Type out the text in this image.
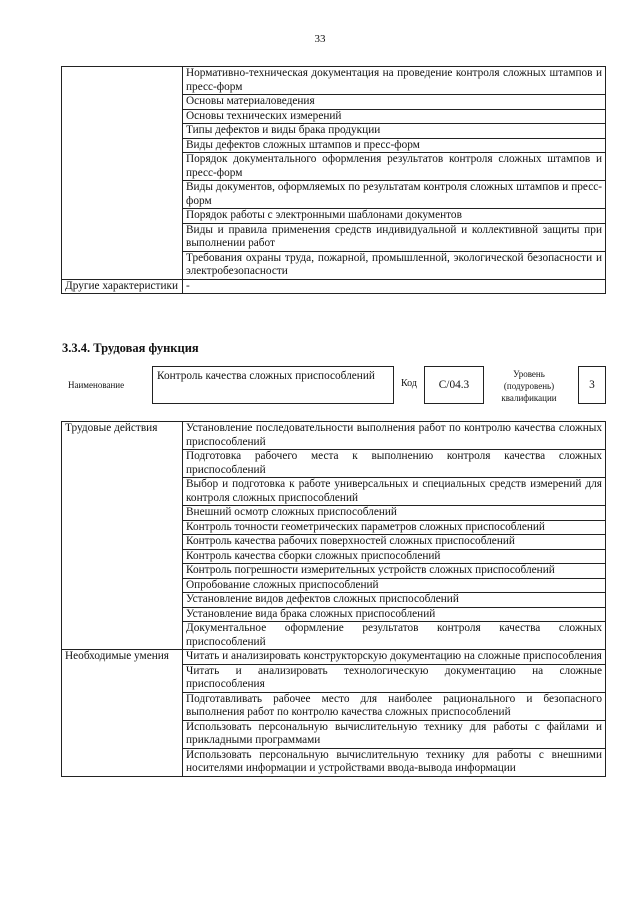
33
	Нормативно-техническая документация на проведение контроля сложных штампов и пресс-форм
	Основы материаловедения
	Основы технических измерений
	Типы дефектов и виды брака продукции
	Виды дефектов сложных штампов и пресс-форм
	Порядок документального оформления результатов контроля сложных штампов и пресс-форм
	Виды документов, оформляемых по результатам контроля сложных штампов и пресс-форм
	Порядок работы с электронными шаблонами документов
	Виды и правила применения средств индивидуальной и коллективной защиты при выполнении работ
	Требования охраны труда, пожарной, промышленной, экологической безопасности и электробезопасности
Другие характеристики	-
3.3.4. Трудовая функция
Наименование
Контроль качества сложных приспособлений
Код	C/04.3
Уровень
(подуровень)
квалификации
3
Трудовые действия	Установление последовательности выполнения работ по контролю качества сложных приспособлений
	Подготовка рабочего места к выполнению контроля качества сложных приспособлений
	Выбор и подготовка к работе универсальных и специальных средств измерений для контроля сложных приспособлений
	Внешний осмотр сложных приспособлений
	Контроль точности геометрических параметров сложных приспособлений
	Контроль качества рабочих поверхностей сложных приспособлений
	Контроль качества сборки сложных приспособлений
	Контроль погрешности измерительных устройств сложных приспособлений
	Опробование сложных приспособлений
	Установление видов дефектов сложных приспособлений
	Установление вида брака сложных приспособлений
	Документальное оформление результатов контроля качества сложных приспособлений
Необходимые умения	Читать и анализировать конструкторскую документацию на сложные приспособления
	Читать и анализировать технологическую документацию на сложные приспособления
	Подготавливать рабочее место для наиболее рационального и безопасного выполнения работ по контролю качества сложных приспособлений
	Использовать персональную вычислительную технику для работы с файлами и прикладными программами
	Использовать персональную вычислительную технику для работы с внешними носителями информации и устройствами ввода-вывода информации
